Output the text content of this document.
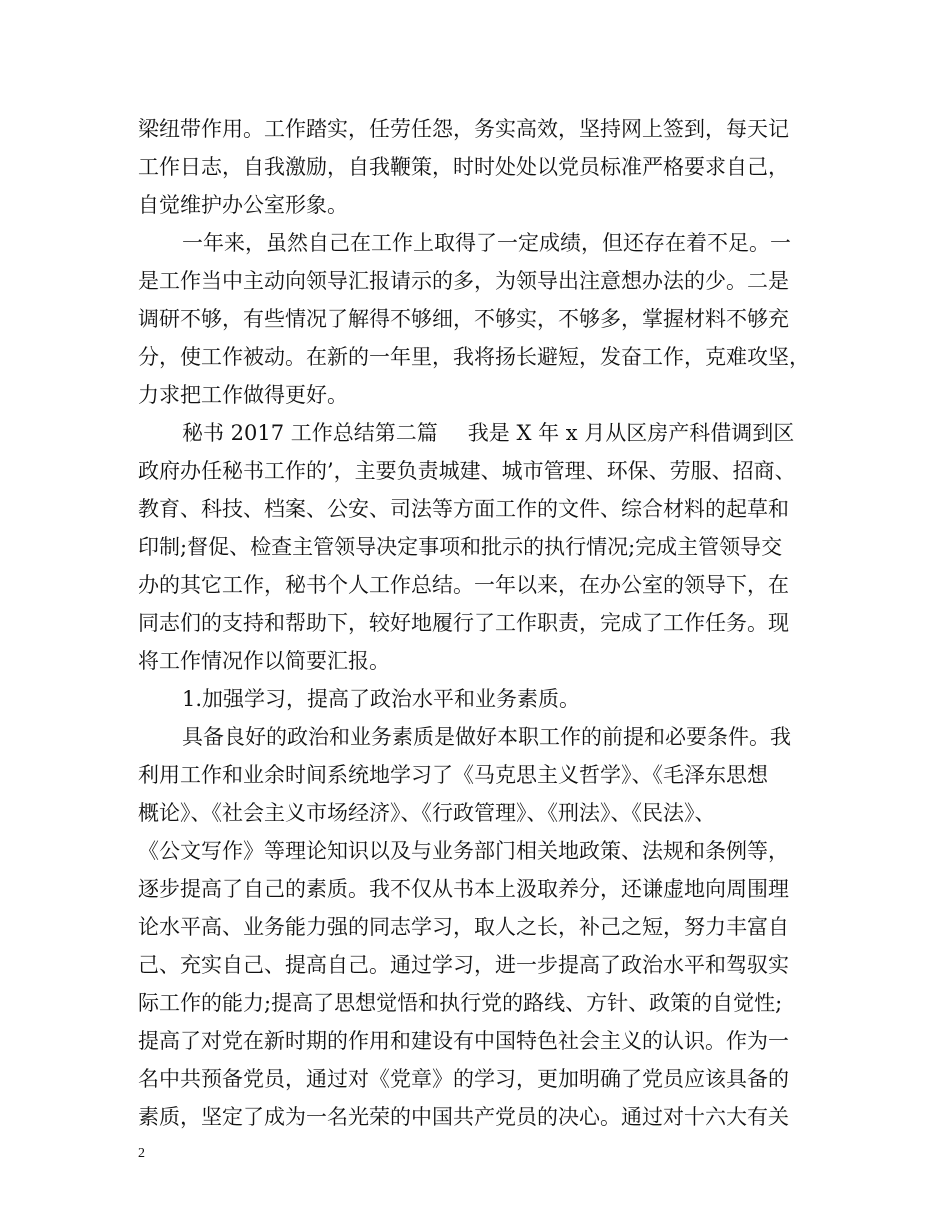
梁纽带作用。工作踏实，任劳任怨，务实高效，坚持网上签到，每天记
工作日志，自我激励，自我鞭策，时时处处以党员标准严格要求自己，
自觉维护办公室形象。
一年来，虽然自己在工作上取得了一定成绩，但还存在着不足。一
是工作当中主动向领导汇报请示的多，为领导出注意想办法的少。二是
调研不够，有些情况了解得不够细，不够实，不够多，掌握材料不够充
分，使工作被动。在新的一年里，我将扬长避短，发奋工作，克难攻坚，
力求把工作做得更好。
秘书 2017 工作总结第二篇 我是 X 年 x 月从区房产科借调到区
政府办任秘书工作的’，主要负责城建、城市管理、环保、劳服、招商、
教育、科技、档案、公安、司法等方面工作的文件、综合材料的起草和
印制;督促、检查主管领导决定事项和批示的执行情况;完成主管领导交
办的其它工作，秘书个人工作总结。一年以来，在办公室的领导下，在
同志们的支持和帮助下，较好地履行了工作职责，完成了工作任务。现
将工作情况作以简要汇报。
1.加强学习，提高了政治水平和业务素质。
具备良好的政治和业务素质是做好本职工作的前提和必要条件。我
利用工作和业余时间系统地学习了《马克思主义哲学》、《毛泽东思想
概论》、《社会主义市场经济》、《行政管理》、《刑法》、《民法》、
《公文写作》等理论知识以及与业务部门相关地政策、法规和条例等，
逐步提高了自己的素质。我不仅从书本上汲取养分，还谦虚地向周围理
论水平高、业务能力强的同志学习，取人之长，补己之短，努力丰富自
己、充实自己、提高自己。通过学习，进一步提高了政治水平和驾驭实
际工作的能力;提高了思想觉悟和执行党的路线、方针、政策的自觉性;
提高了对党在新时期的作用和建设有中国特色社会主义的认识。作为一
名中共预备党员，通过对《党章》的学习，更加明确了党员应该具备的
素质，坚定了成为一名光荣的中国共产党员的决心。通过对十六大有关
2
